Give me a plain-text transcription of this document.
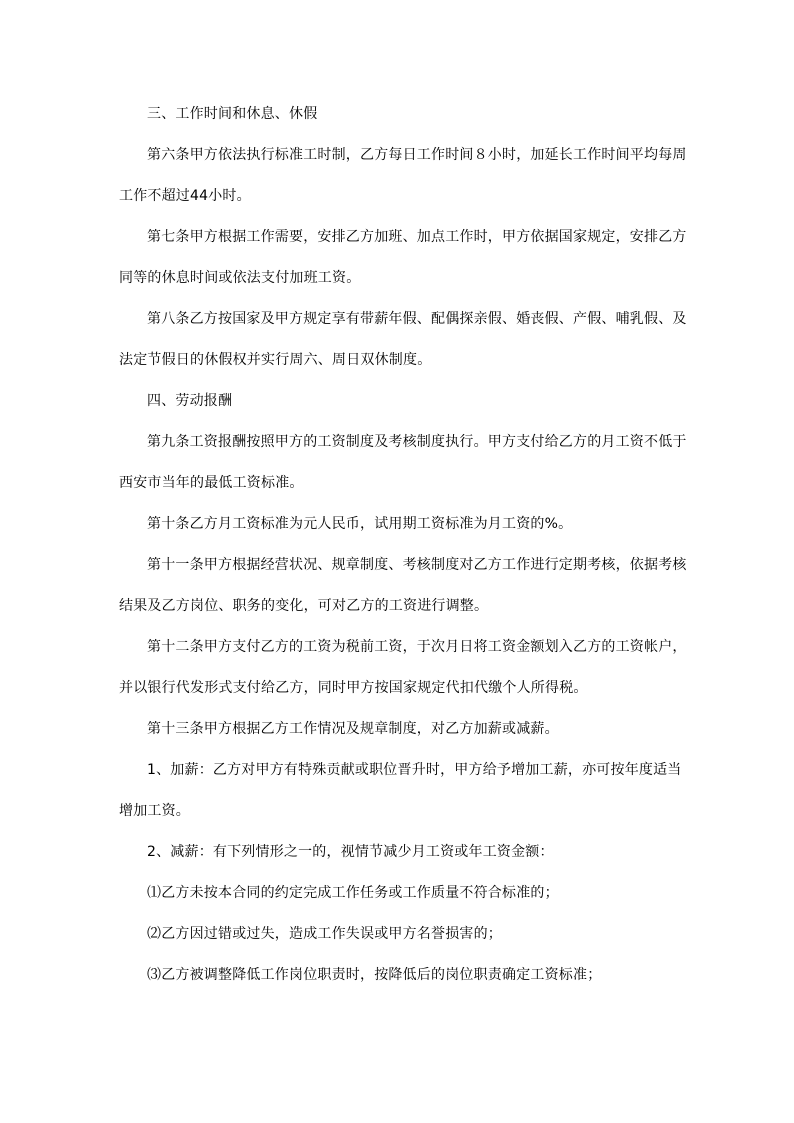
三、工作时间和休息、休假

第六条甲方依法执行标准工时制，乙方每日工作时间８小时，加延长工作时间平均每周

工作不超过44小时。

第七条甲方根据工作需要，安排乙方加班、加点工作时，甲方依据国家规定，安排乙方

同等的休息时间或依法支付加班工资。

第八条乙方按国家及甲方规定享有带薪年假、配偶探亲假、婚丧假、产假、哺乳假、及

法定节假日的休假权并实行周六、周日双休制度。

四、劳动报酬

第九条工资报酬按照甲方的工资制度及考核制度执行。甲方支付给乙方的月工资不低于

西安市当年的最低工资标准。

第十条乙方月工资标准为元人民币，试用期工资标准为月工资的%。

第十一条甲方根据经营状况、规章制度、考核制度对乙方工作进行定期考核，依据考核

结果及乙方岗位、职务的变化，可对乙方的工资进行调整。

第十二条甲方支付乙方的工资为税前工资，于次月日将工资金额划入乙方的工资帐户，

并以银行代发形式支付给乙方，同时甲方按国家规定代扣代缴个人所得税。

第十三条甲方根据乙方工作情况及规章制度，对乙方加薪或减薪。

1、加薪：乙方对甲方有特殊贡献或职位晋升时，甲方给予增加工薪，亦可按年度适当

增加工资。

2、减薪：有下列情形之一的，视情节减少月工资或年工资金额：

⑴乙方未按本合同的约定完成工作任务或工作质量不符合标准的；

⑵乙方因过错或过失，造成工作失误或甲方名誉损害的；

⑶乙方被调整降低工作岗位职责时，按降低后的岗位职责确定工资标准；
